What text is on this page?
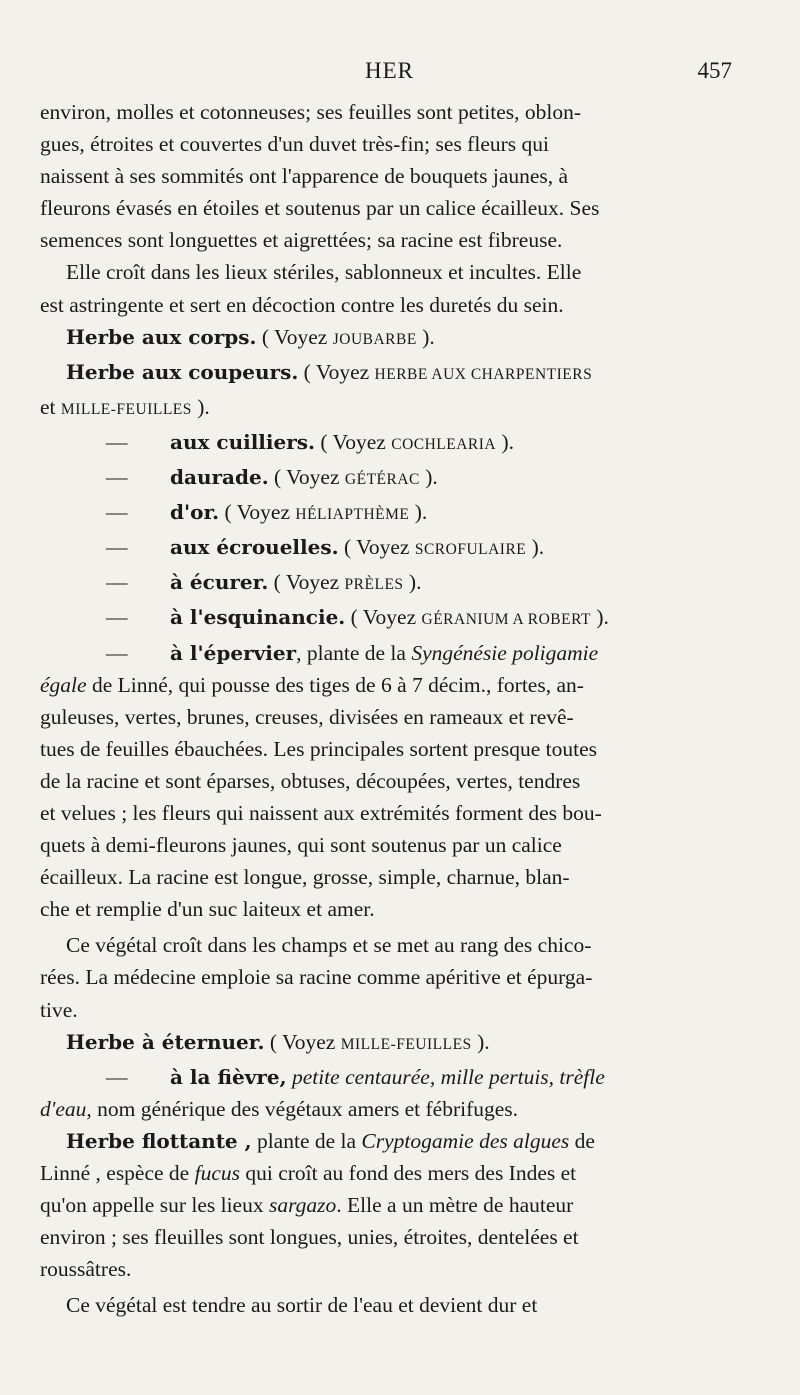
HER	457

environ, molles et cotonneuses; ses feuilles sont petites, oblon-

gues, étroites et couvertes d'un duvet très-fin; ses fleurs qui

naissent à ses sommités ont l'apparence de bouquets jaunes, à

fleurons évasés en étoiles et soutenus par un calice écailleux. Ses

semences sont longuettes et aigrettées; sa racine est fibreuse.

Elle croît dans les lieux stériles, sablonneux et incultes. Elle

est astringente et sert en décoction contre les duretés du sein.

Herbe aux corps. ( Voyez JOUBARBE ).

Herbe aux coupeurs. ( Voyez HERBE AUX CHARPENTIERS

et MILLE-FEUILLES ).

— aux cuilliers. ( Voyez COCHLEARIA ).

— daurade. ( Voyez GÉTÉRAC ).

— d'or. ( Voyez HÉLIAPTHÈME ).

— aux écrouelles. ( Voyez SCROFULAIRE ).

— à écurer. ( Voyez PRÈLES ).

— à l'esquinancie. ( Voyez GÉRANIUM A ROBERT ).

— à l'épervier, plante de la Syngénésie poligamie

égale de Linné, qui pousse des tiges de 6 à 7 décim., fortes, an-

guleuses, vertes, brunes, creuses, divisées en rameaux et revê-

tues de feuilles ébauchées. Les principales sortent presque toutes

de la racine et sont éparses, obtuses, découpées, vertes, tendres

et velues ; les fleurs qui naissent aux extrémités forment des bou-

quets à demi-fleurons jaunes, qui sont soutenus par un calice

écailleux. La racine est longue, grosse, simple, charnue, blan-

che et remplie d'un suc laiteux et amer.

Ce végétal croît dans les champs et se met au rang des chico-

rées. La médecine emploie sa racine comme apéritive et épurga-

tive.

Herbe à éternuer. ( Voyez MILLE-FEUILLES ).

— à la fièvre, petite centaurée, mille pertuis, trèfle

d'eau, nom générique des végétaux amers et fébrifuges.

Herbe flottante , plante de la Cryptogamie des algues de

Linné , espèce de fucus qui croît au fond des mers des Indes et

qu'on appelle sur les lieux sargazo. Elle a un mètre de hauteur

environ ; ses fleuilles sont longues, unies, étroites, dentelées et

roussâtres.

Ce végétal est tendre au sortir de l'eau et devient dur et
